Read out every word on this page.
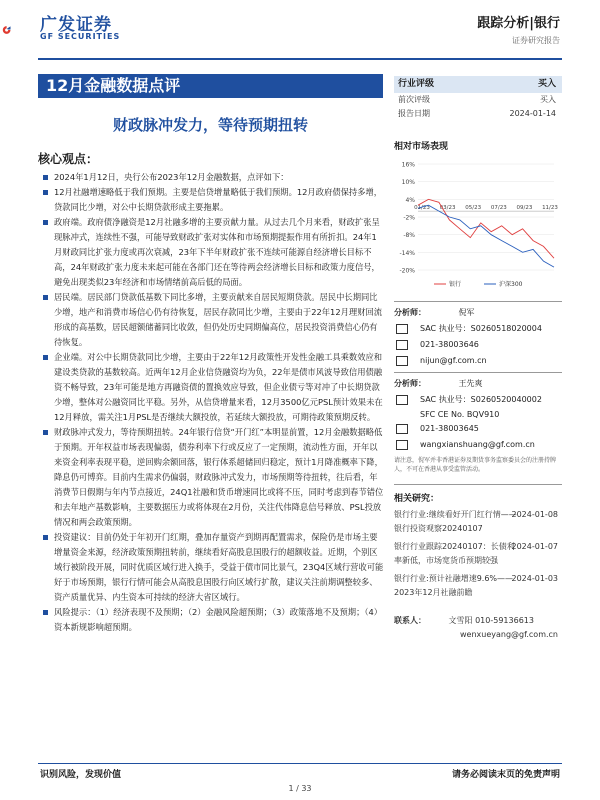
广发证券
GF SECURITIES
跟踪分析|银行
证券研究报告
12月金融数据点评
财政脉冲发力，等待预期扭转
核心观点：

2024年1月12日，央行公布2023年12月金融数据，点评如下：

12月社融增速略低于我们预期。主要是信贷增量略低于我们预期。12月政府债保持多增，贷款同比少增，对公中长期贷款形成主要拖累。

政府端。政府债净融资是12月社融多增的主要贡献力量。从过去几个月来看，财政扩张呈现脉冲式，连续性不强，可能导致财政扩张对实体和市场预期提振作用有所折扣。24年1月财政同比扩张力度或再次衰减，23年下半年财政扩张不连续可能源自经济增长目标不高，24年财政扩张力度未来起可能在各部门还在等待两会经济增长目标和政策力度信号，避免出现类似23年经济和市场情绪前高后低的局面。

居民端。居民部门贷款低基数下同比多增，主要贡献来自居民短期贷款。居民中长期同比少增，地产和消费市场信心仍有待恢复，居民存款同比少增，主要由于22年12月理财回流形成的高基数，居民超额储蓄同比收敛，但仍处历史同期偏高位，居民投资消费信心仍有待恢复。

企业端。对公中长期贷款同比少增，主要由于22年12月政策性开发性金融工具乘数效应和建设类贷款的基数较高。近两年12月企业信贷融资均为负，22年是债市风波导致信用债融资不畅导致，23年可能是地方再融资债的置换效应导致，但企业债亏等对冲了中长期贷款少增，整体对公融资同比平稳。另外，从信贷增量来看，12月3500亿元PSL预计效果未在12月释放，需关注1月PSL是否继续大额投放，若延续大额投放，可期待政策预期反转。

财政脉冲式发力，等待预期扭转。24年银行信贷“开门红”本明显前置，12月金融数据略低于预期。开年权益市场表现偏弱，债券利率下行或反应了一定预期，流动性方面，开年以来资金利率表现平稳，逆回购余额回落，银行体系超储回归稳定，预计1月降准概率下降，降息仍可博弈。目前内生需求仍偏弱，财政脉冲式发力，市场预期等待扭转，往后看，年消费节日假期与年内节点接近，24Q1社融和货币增速同比或将不压，同时考虑到春节错位和去年地产基数影响，主要数据压力或将体现在2月份，关注代伟降息信号释放、PSL投放情况和两会政策预期。

投资建议：目前仍处于年初开门红期，叠加存量资产到期再配置需求，保险仍是市场主要增量资金来源，经济政策预期扭转前，继续看好高股息国股行的超额收益。近期，个别区域行被阶段开展，同时优质区域行进入换手，受益于债市同比景气，23Q4区域行营收可能好于市场预期，银行行情可能会从高股息国股行向区域行扩散，建议关注前期调整较多、资产质量优异、内生资本可持续的经济大省区域行。

风险提示：（1）经济表现不及预期；（2）金融风险超预期；（3）政策落地不及预期；（4）资本新规影响超预期。

行业评级	买入
前次评级	买入
报告日期	2024-01-14
相对市场表现
16%
10%
4%
-2%
-8%
-14%
-20%
01/23 03/23 05/23 07/23 09/23 11/23
银行	沪深300
分析师：	倪军
SAC 执业号：S0260518020004
021-38003646
nijun@gf.com.cn
分析师：	王先爽
SAC 执业号：S0260520040002
SFC CE No. BQV910
021-38003645
wangxianshuang@gf.com.cn
请注意，倪军并非香港证券及期货事务监察委员会的注册持牌人，不可在香港从事受监管活动。
相关研究：
银行行业:继续看好开门红行情——银行投资观察20240107
2024-01-08
银行行业跟踪20240107：长债利率新低，市场宽货币预期较强
2024-01-07
银行行业:预计社融增速9.6%——2023年12月社融前瞻
2024-01-03
联系人：	文雪阳 010-59136613
wenxueyang@gf.com.cn
识别风险，发现价值	请务必阅读末页的免责声明
1 / 33
